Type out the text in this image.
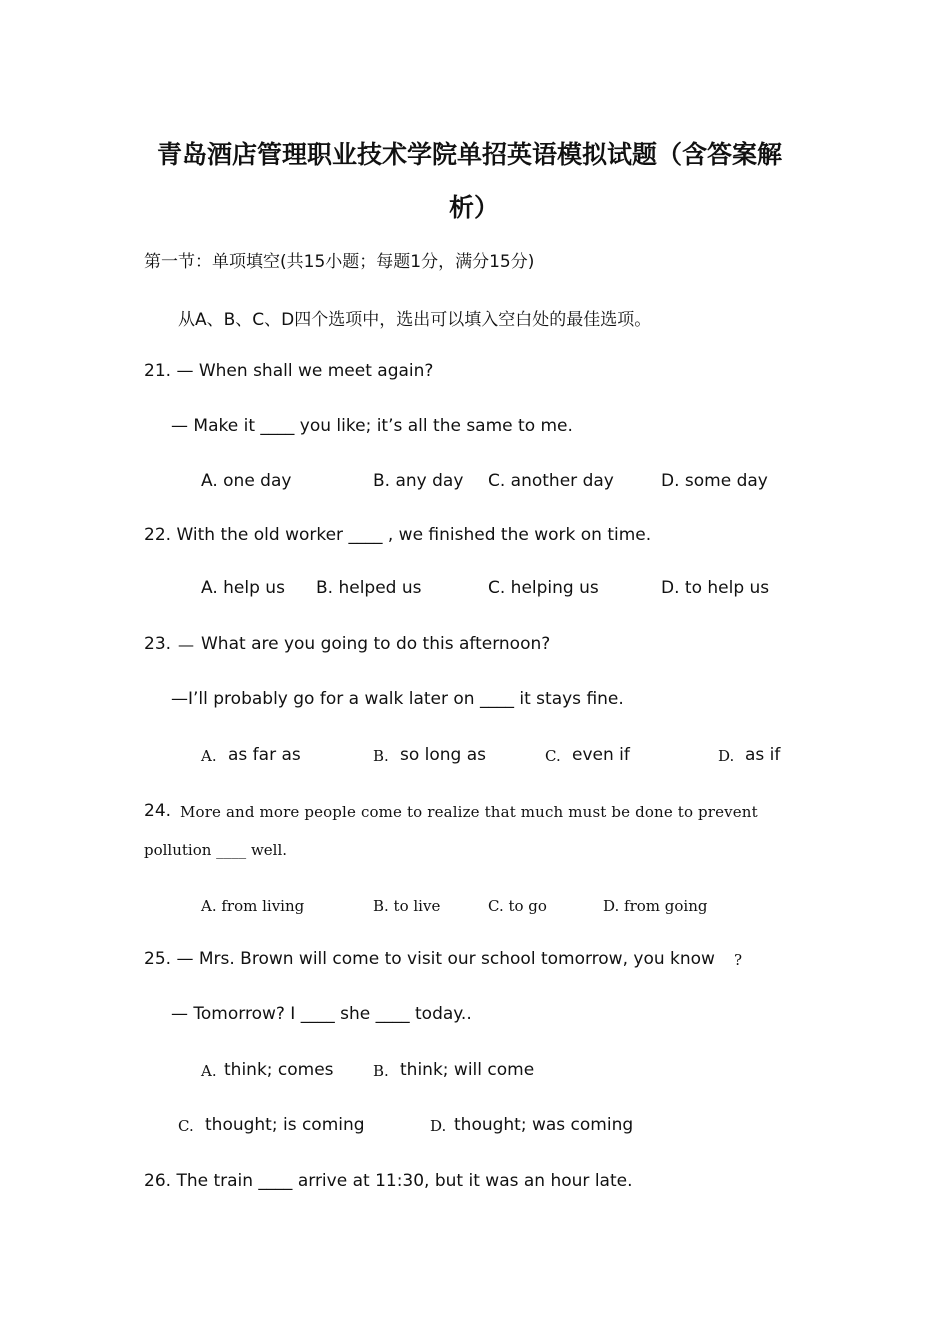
青岛酒店管理职业技术学院单招英语模拟试题（含答案解
析）
第一节：单项填空(共15小题；每题1分，满分15分)
从A、B、C、D四个选项中，选出可以填入空白处的最佳选项。
21. — When shall we meet again?
— Make it ____ you like; it’s all the same to me.
A. one day	B. any day C. another day	D. some day
22. With the old worker ____ , we finished the work on time.
A. help us B. helped us	C. helping us	D. to help us
23. — What are you going to do this afternoon?
—I’ll probably go for a walk later on ____ it stays fine.
A. as far as	B. so long as	C. even if	D. as if
24. More and more people come to realize that much must be done to prevent
pollution ____ well.
A. from living	B. to live	C. to go	D. from going
25. — Mrs. Brown will come to visit our school tomorrow, you know ?
— Tomorrow? I ____ she ____ today..
A. think; comes	B. think; will come
C. thought; is coming	D. thought; was coming
26. The train ____ arrive at 11:30, but it was an hour late.
